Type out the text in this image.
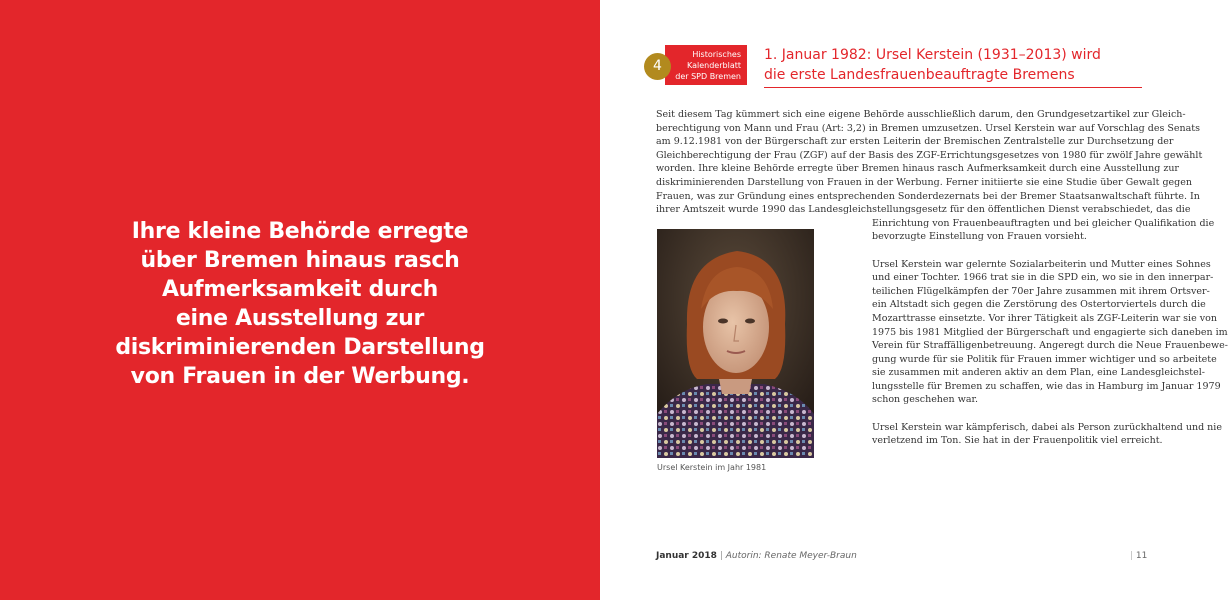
Ihre kleine Behörde erregte
über Bremen hinaus rasch
Aufmerksamkeit durch
eine Ausstellung zur
diskriminierenden Darstellung
von Frauen in der Werbung.

Historisches
Kalenderblatt
der SPD Bremen
4
1. Januar 1982: Ursel Kerstein (1931–2013) wird
die erste Landesfrauenbeauftragte Bremens
Seit diesem Tag kümmert sich eine eigene Behörde ausschließlich darum, den Grundgesetzartikel zur Gleich-
berechtigung von Mann und Frau (Art: 3,2) in Bremen umzusetzen. Ursel Kerstein war auf Vorschlag des Senats
am 9.12.1981 von der Bürgerschaft zur ersten Leiterin der Bremischen Zentralstelle zur Durchsetzung der
Gleichberechtigung der Frau (ZGF) auf der Basis des ZGF-Errichtungsgesetzes von 1980 für zwölf Jahre gewählt
worden. Ihre kleine Behörde erregte über Bremen hinaus rasch Aufmerksamkeit durch eine Ausstellung zur
diskriminierenden Darstellung von Frauen in der Werbung. Ferner initiierte sie eine Studie über Gewalt gegen
Frauen, was zur Gründung eines entsprechenden Sonderdezernats bei der Bremer Staatsanwaltschaft führte. In
ihrer Amtszeit wurde 1990 das Landesgleichstellungsgesetz für den öffentlichen Dienst verabschiedet, das die
Einrichtung von Frauenbeauftragten und bei gleicher Qualifikation die
bevorzugte Einstellung von Frauen vorsieht.
Ursel Kerstein war gelernte Sozialarbeiterin und Mutter eines Sohnes
und einer Tochter. 1966 trat sie in die SPD ein, wo sie in den innerpar-
teilichen Flügelkämpfen der 70er Jahre zusammen mit ihrem Ortsver-
ein Altstadt sich gegen die Zerstörung des Ostertorviertels durch die
Mozarttrasse einsetzte. Vor ihrer Tätigkeit als ZGF-Leiterin war sie von
1975 bis 1981 Mitglied der Bürgerschaft und engagierte sich daneben im
Verein für Straffälligenbetreuung. Angeregt durch die Neue Frauenbewe-
gung wurde für sie Politik für Frauen immer wichtiger und so arbeitete
sie zusammen mit anderen aktiv an dem Plan, eine Landesgleichstel-
lungsstelle für Bremen zu schaffen, wie das in Hamburg im Januar 1979
schon geschehen war.
Ursel Kerstein war kämpferisch, dabei als Person zurückhaltend und nie
verletzend im Ton. Sie hat in der Frauenpolitik viel erreicht.
Ursel Kerstein im Jahr 1981
Januar 2018 | Autorin: Renate Meyer-Braun	| 11
